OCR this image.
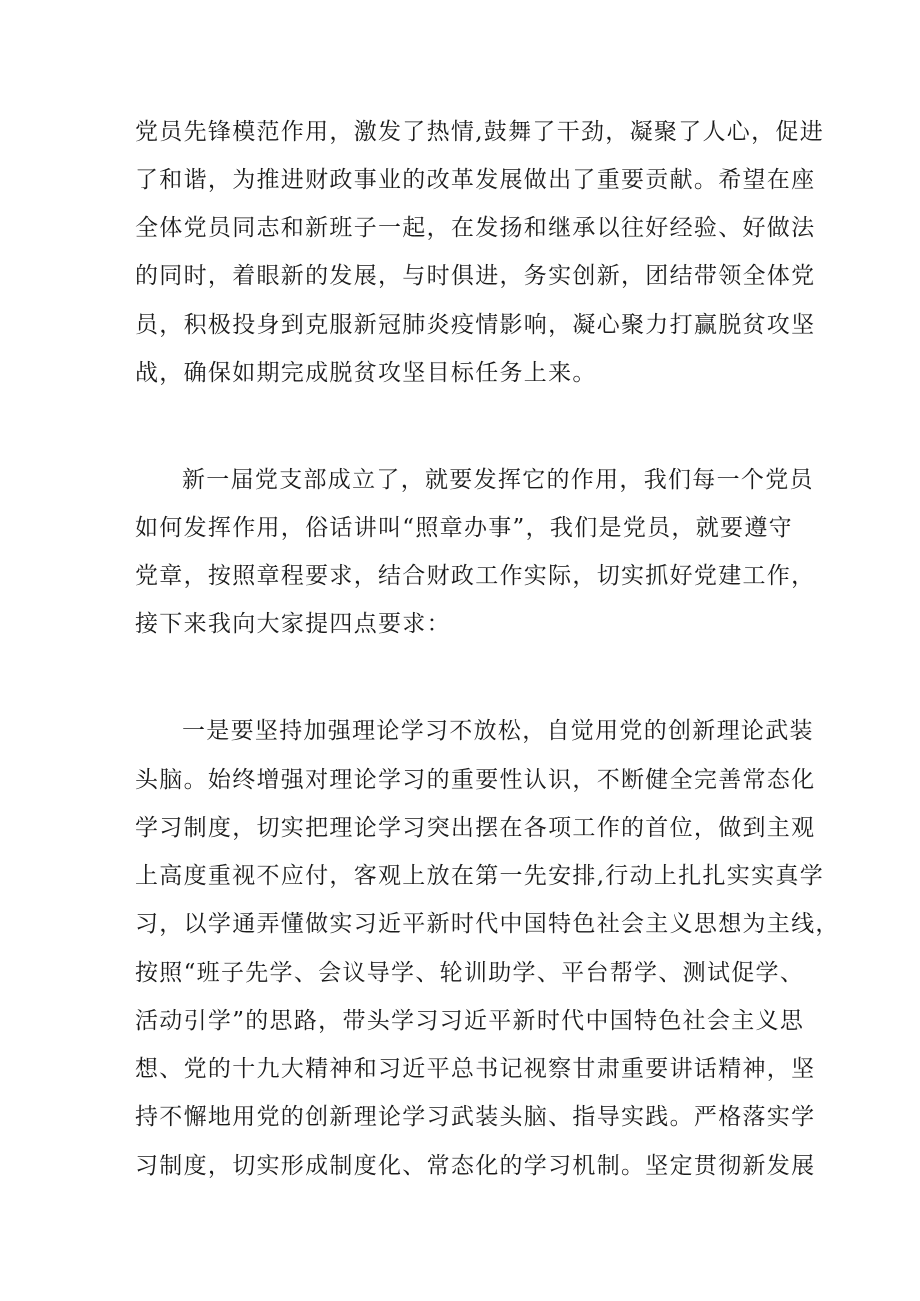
党员先锋模范作用，激发了热情,鼓舞了干劲，凝聚了人心，促进
了和谐，为推进财政事业的改革发展做出了重要贡献。希望在座
全体党员同志和新班子一起，在发扬和继承以往好经验、好做法
的同时，着眼新的发展，与时俱进，务实创新，团结带领全体党
员，积极投身到克服新冠肺炎疫情影响，凝心聚力打赢脱贫攻坚
战，确保如期完成脱贫攻坚目标任务上来。
新一届党支部成立了，就要发挥它的作用，我们每一个党员
如何发挥作用，俗话讲叫“照章办事”，我们是党员，就要遵守
党章，按照章程要求，结合财政工作实际，切实抓好党建工作，
接下来我向大家提四点要求：
一是要坚持加强理论学习不放松，自觉用党的创新理论武装
头脑。始终增强对理论学习的重要性认识，不断健全完善常态化
学习制度，切实把理论学习突出摆在各项工作的首位，做到主观
上高度重视不应付，客观上放在第一先安排,行动上扎扎实实真学
习，以学通弄懂做实习近平新时代中国特色社会主义思想为主线，
按照“班子先学、会议导学、轮训助学、平台帮学、测试促学、
活动引学”的思路，带头学习习近平新时代中国特色社会主义思
想、党的十九大精神和习近平总书记视察甘肃重要讲话精神，坚
持不懈地用党的创新理论学习武装头脑、指导实践。严格落实学
习制度，切实形成制度化、常态化的学习机制。坚定贯彻新发展
